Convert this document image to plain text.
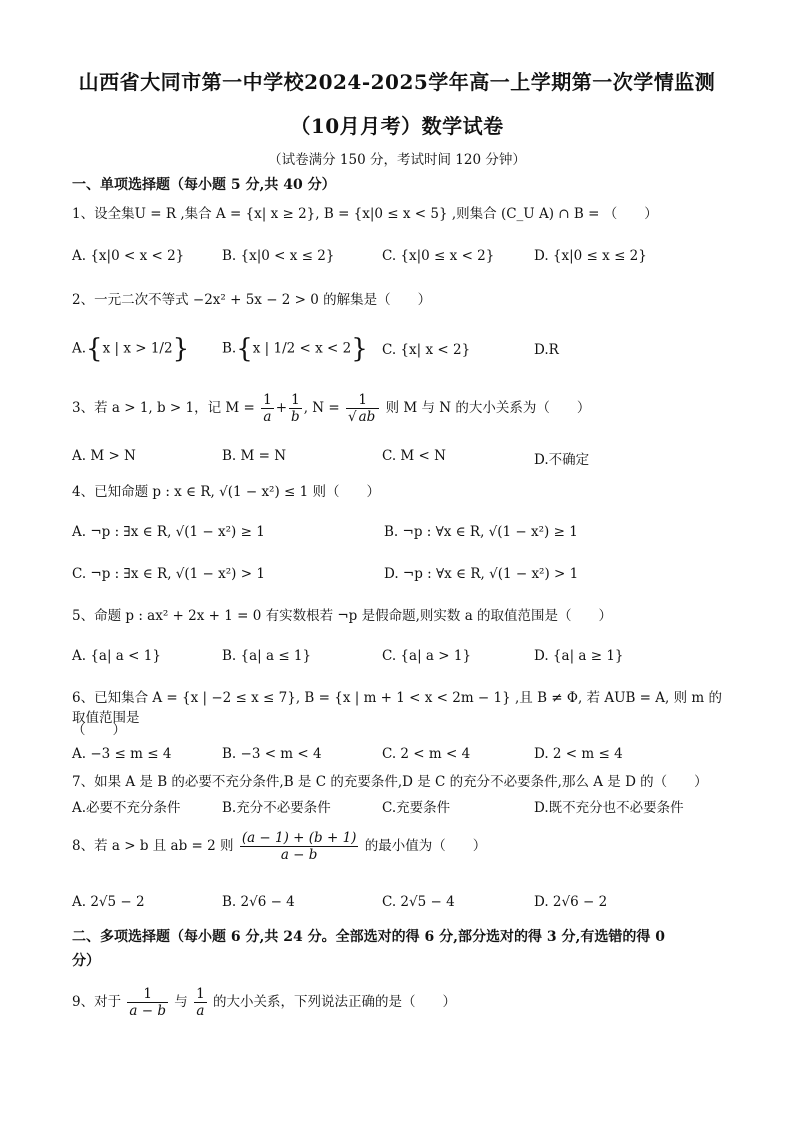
山西省大同市第一中学校2024-2025学年高一上学期第一次学情监测
（10月月考）数学试卷
（试卷满分 150 分，考试时间 120 分钟）
一、单项选择题（每小题 5 分,共 40 分）
1、设全集U = R ,集合 A = {x| x ≥ 2}, B = {x|0 ≤ x < 5} ,则集合 (C_U A) ∩ B = （　　）
A. {x|0 < x < 2}	B. {x|0 < x ≤ 2}	C. {x|0 ≤ x < 2}	D. {x|0 ≤ x ≤ 2}
2、一元二次不等式 −2x² + 5x − 2 > 0 的解集是（　　）
A.{x | x > 1/2} B.{x | 1/2 < x < 2} C. {x| x < 2}	D.R
3、若 a > 1, b > 1，记 $M = \frac{1}{a} + \frac{1}{b}$ , $N = \frac{1}{√ ab}$ 则 M 与 N 的大小关系为（　　）
A. M > N	B. M = N	C. M < N	D.不确定
4、已知命题 p : x ∈ R, √(1 − x²) ≤ 1 则（　　）
A. ¬p : ∃x ∈ R, √(1 − x²) ≥ 1	B. ¬p : ∀x ∈ R, √(1 − x²) ≥ 1
C. ¬p : ∃x ∈ R, √(1 − x²) > 1	D. ¬p : ∀x ∈ R, √(1 − x²) > 1
5、命题 p : ax² + 2x + 1 = 0 有实数根若 ¬p 是假命题,则实数 a 的取值范围是（　　）
A. {a| a < 1}	B. {a| a ≤ 1}	C. {a| a > 1}	D. {a| a ≥ 1}
6、已知集合 A = {x | −2 ≤ x ≤ 7}, B = {x | m + 1 < x < 2m − 1} ,且 B ≠ Φ, 若 AUB = A, 则 m 的取值范围是
（　　）
A. −3 ≤ m ≤ 4	B. −3 < m < 4	C. 2 < m < 4	D. 2 < m ≤ 4
7、如果 A 是 B 的必要不充分条件,B 是 C 的充要条件,D 是 C 的充分不必要条件,那么 A 是 D 的（　　）
A.必要不充分条件	B.充分不必要条件	C.充要条件	D.既不充分也不必要条件
8、若 a > b 且 ab = 2 则 $\frac{(a - 1) + (b + 1)}{a - b}$ 的最小值为（　　）
A. 2√5 − 2	B. 2√6 − 4	C. 2√5 − 4	D. 2√6 − 2
二、多项选择题（每小题 6 分,共 24 分。全部选对的得 6 分,部分选对的得 3 分,有选错的得 0
分）
9、对于 $\frac{1}{a - b}$ 与 $\frac{1}{a}$ 的大小关系，下列说法正确的是（　　）
